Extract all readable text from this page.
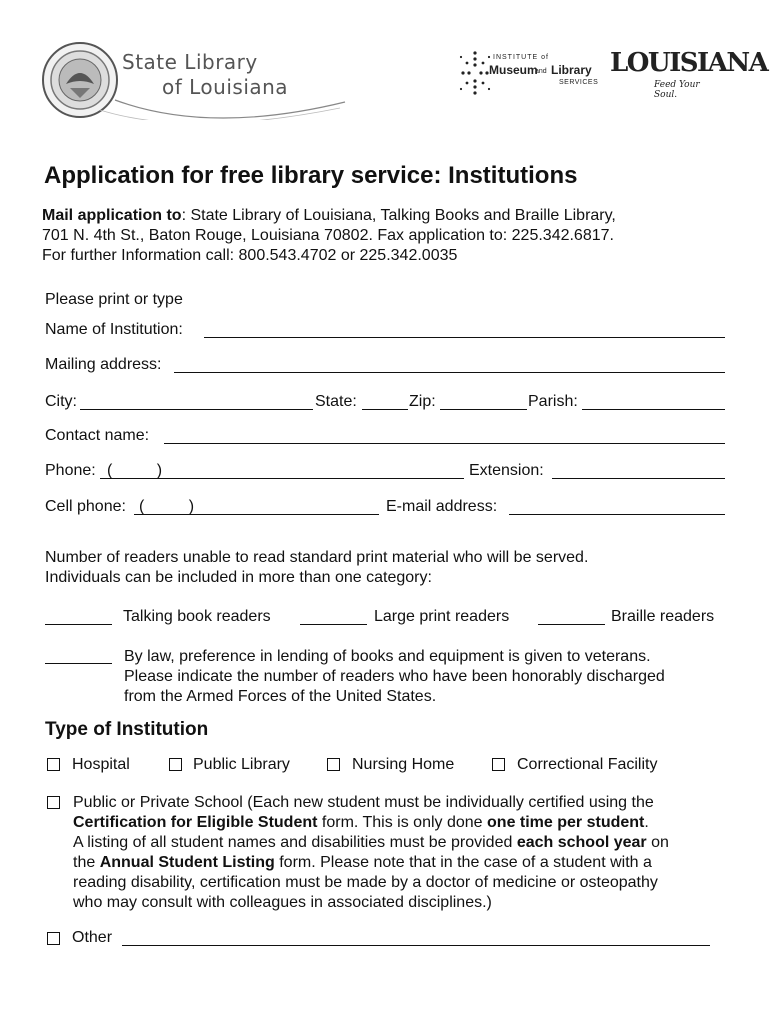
State Library
of Louisiana
INSTITUTE of
Museum
and Library
SERVICES
LOUISIANA
Feed Your Soul.
Application for free library service: Institutions
Mail application to: State Library of Louisiana, Talking Books and Braille Library,
701 N. 4th St., Baton Rouge, Louisiana 70802. Fax application to: 225.342.6817.
For further Information call: 800.543.4702 or 225.342.0035
Please print or type
Name of Institution:
Mailing address:
City:	State:	Zip:	Parish:
Contact name:
Phone: (          )	Extension:
Cell phone: (          )	E-mail address:
Number of readers unable to read standard print material who will be served.
Individuals can be included in more than one category:
Talking book readers	Large print readers	Braille readers
By law, preference in lending of books and equipment is given to veterans.
Please indicate the number of readers who have been honorably discharged
from the Armed Forces of the United States.
Type of Institution
Hospital	Public Library	Nursing Home	Correctional Facility
Public or Private School (Each new student must be individually certified using the
Certification for Eligible Student form. This is only done one time per student.
A listing of all student names and disabilities must be provided each school year on
the Annual Student Listing form. Please note that in the case of a student with a
reading disability, certification must be made by a doctor of medicine or osteopathy
who may consult with colleagues in associated disciplines.)
Other
